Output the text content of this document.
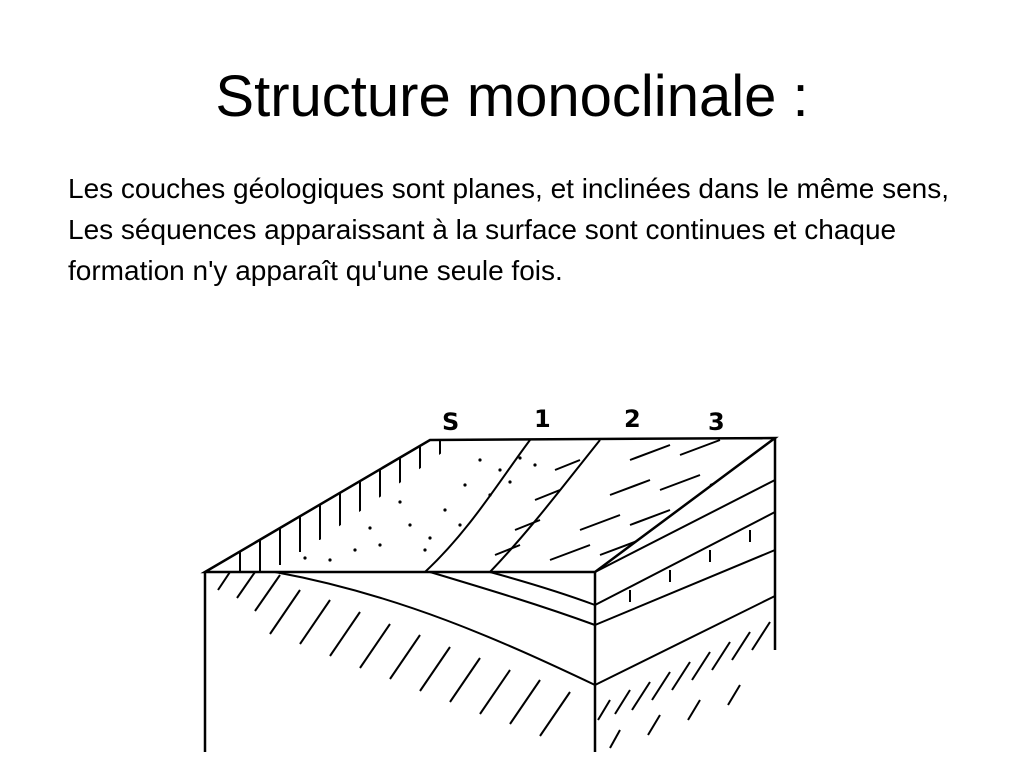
Structure monoclinale :

Les couches géologiques sont planes, et inclinées dans le même sens,

Les séquences apparaissant à la surface sont continues et chaque formation n'y apparaît qu'une seule fois.

S	1	2	3
